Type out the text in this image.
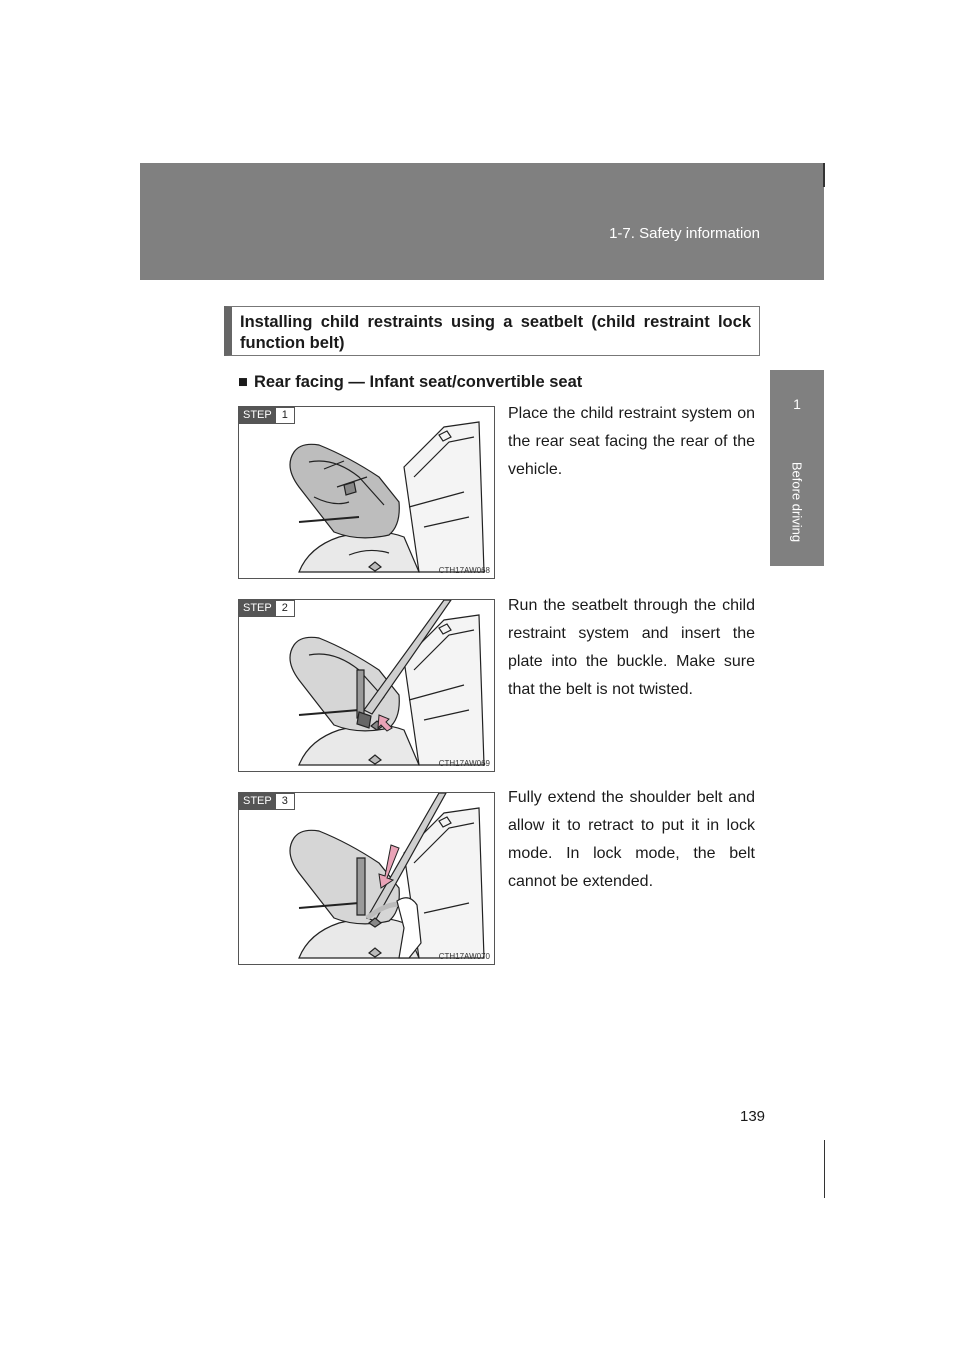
1-7. Safety information
1
Before driving
Installing child restraints using a seatbelt (child restraint lock function belt)
■ Rear facing — Infant seat/convertible seat
STEP 1
CTH17AW068
Place the child restraint system on the rear seat facing the rear of the vehicle.
STEP 2
CTH17AW069
Run the seatbelt through the child restraint system and insert the plate into the buckle. Make sure that the belt is not twisted.
STEP 3
CTH17AW070
Fully extend the shoulder belt and allow it to retract to put it in lock mode. In lock mode, the belt cannot be extended.
139
